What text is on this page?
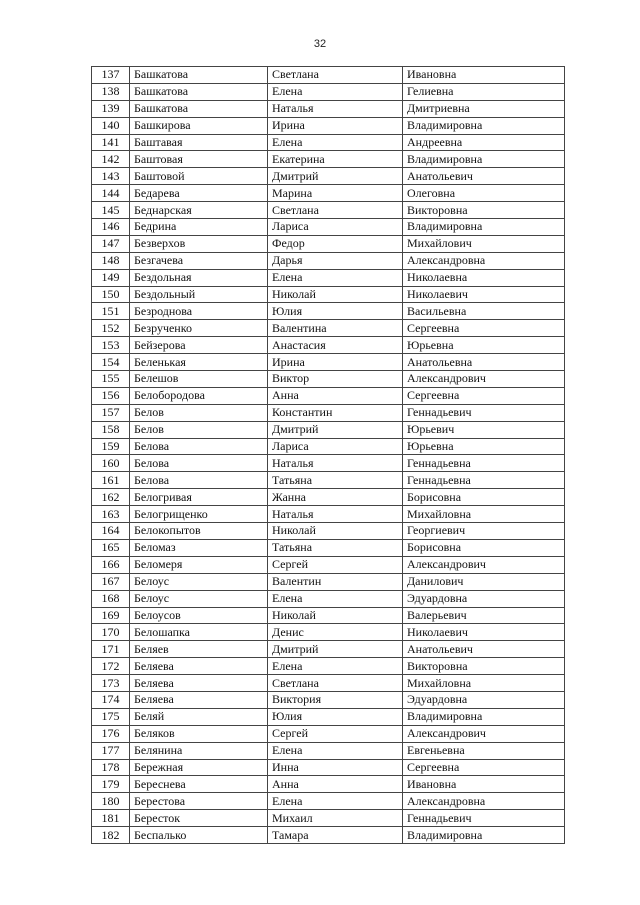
32
137	Башкатова	Светлана	Ивановна
138	Башкатова	Елена	Гелиевна
139	Башкатова	Наталья	Дмитриевна
140	Башкирова	Ирина	Владимировна
141	Баштавая	Елена	Андреевна
142	Баштовая	Екатерина	Владимировна
143	Баштовой	Дмитрий	Анатольевич
144	Бедарева	Марина	Олеговна
145	Беднарская	Светлана	Викторовна
146	Бедрина	Лариса	Владимировна
147	Безверхов	Федор	Михайлович
148	Безгачева	Дарья	Александровна
149	Бездольная	Елена	Николаевна
150	Бездольный	Николай	Николаевич
151	Безроднова	Юлия	Васильевна
152	Безрученко	Валентина	Сергеевна
153	Бейзерова	Анастасия	Юрьевна
154	Беленькая	Ирина	Анатольевна
155	Белешов	Виктор	Александрович
156	Белобородова	Анна	Сергеевна
157	Белов	Константин	Геннадьевич
158	Белов	Дмитрий	Юрьевич
159	Белова	Лариса	Юрьевна
160	Белова	Наталья	Геннадьевна
161	Белова	Татьяна	Геннадьевна
162	Белогривая	Жанна	Борисовна
163	Белогрищенко	Наталья	Михайловна
164	Белокопытов	Николай	Георгиевич
165	Беломаз	Татьяна	Борисовна
166	Беломеря	Сергей	Александрович
167	Белоус	Валентин	Данилович
168	Белоус	Елена	Эдуардовна
169	Белоусов	Николай	Валерьевич
170	Белошапка	Денис	Николаевич
171	Беляев	Дмитрий	Анатольевич
172	Беляева	Елена	Викторовна
173	Беляева	Светлана	Михайловна
174	Беляева	Виктория	Эдуардовна
175	Беляй	Юлия	Владимировна
176	Беляков	Сергей	Александрович
177	Белянина	Елена	Евгеньевна
178	Бережная	Инна	Сергеевна
179	Береснева	Анна	Ивановна
180	Берестова	Елена	Александровна
181	Бересток	Михаил	Геннадьевич
182	Беспалько	Тамара	Владимировна
